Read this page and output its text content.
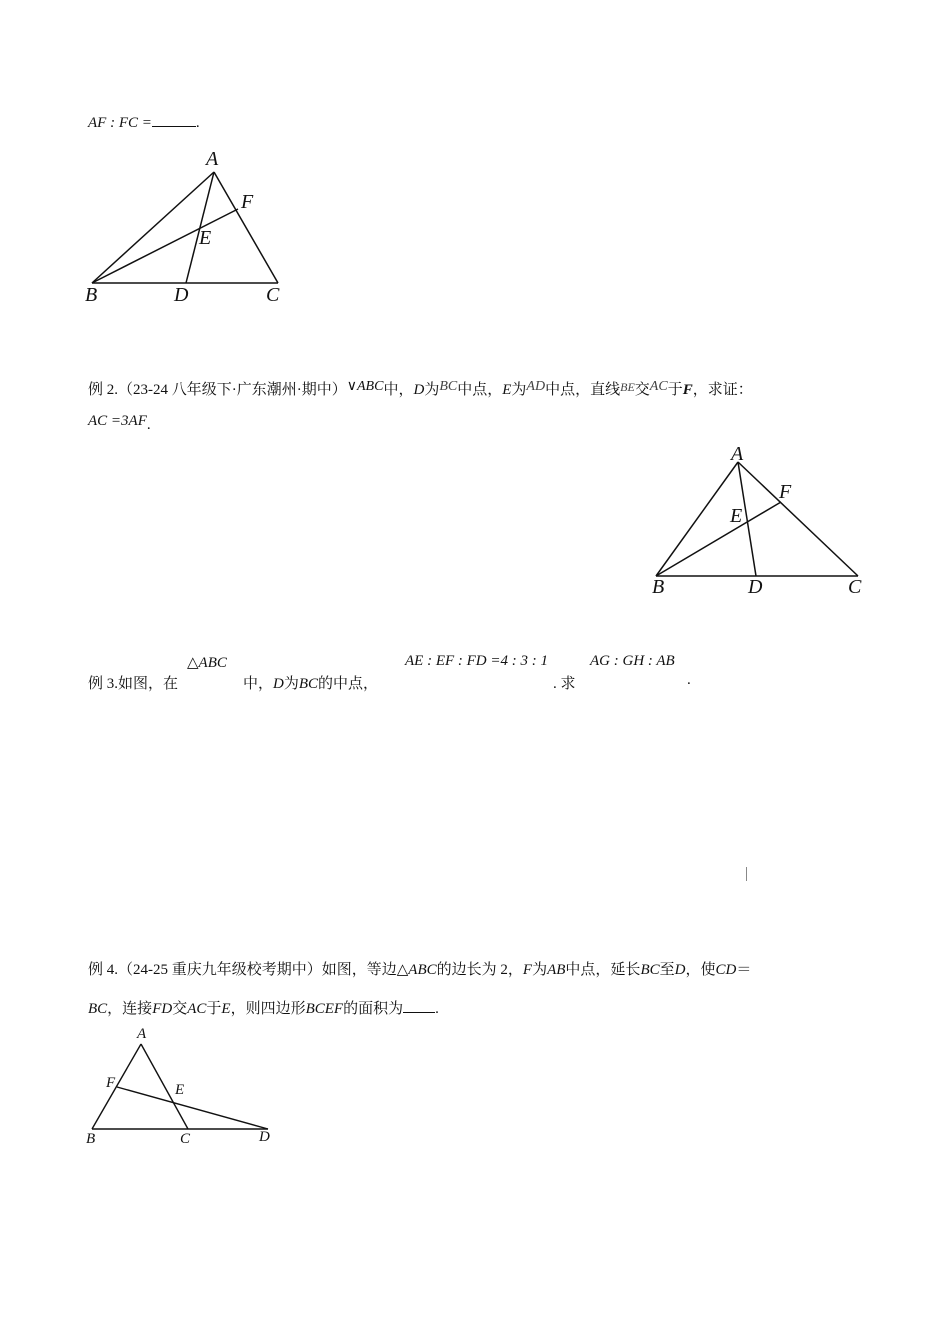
AF : FC =	.
A
F
E
B	D	C
例 2.（23-24 八年级下·广东潮州·期中）∨ABC中，D为BC中点，E为AD中点，直线$^{BE}$交AC于F，求证：
AC =3AF.
A
F
E
B	D	C
例 3.如图，在
△ABC
中，D为BC的中点，
AE : EF : FD =4 : 3 : 1
. 求
AG : GH : AB
.
例 4.（24-25 重庆九年级校考期中）如图，等边△ABC的边长为 2，F为AB中点，延长BC至D，使CD＝
BC，连接FD交AC于E，则四边形BCEF的面积为 .
A
F	E
B	C	D
